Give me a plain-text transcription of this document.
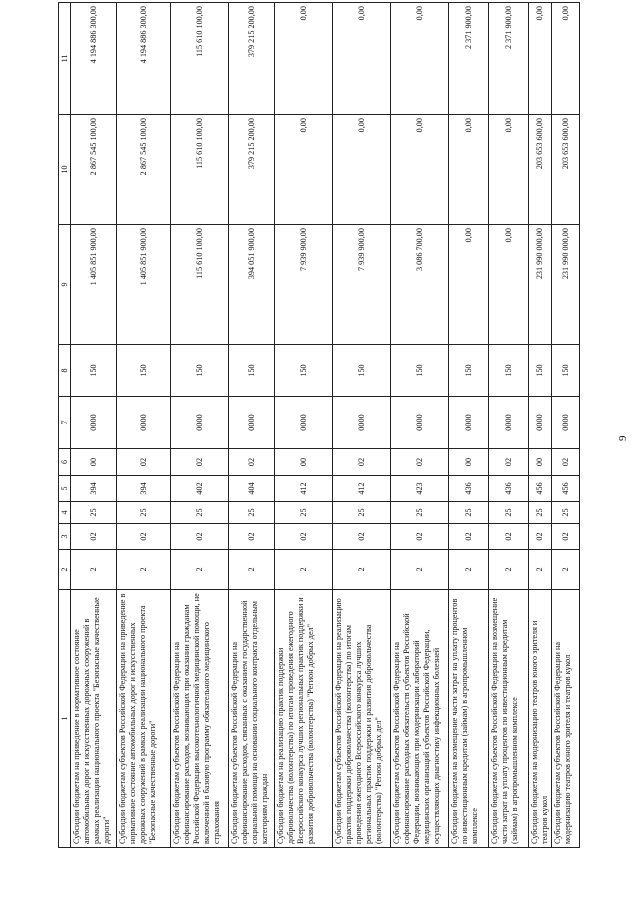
9
1	2	3	4	5	6	7	8	9	10	11
Субсидии бюджетам на приведение в нормативное состояние автомобильных дорог и искусственных дорожных сооружений в рамках реализации национального проекта "Безопасные качественные дороги"	2	02	25	394	00	0000	150	1 405 851 900,00	2 867 545 100,00	4 194 886 300,00
Субсидии бюджетам субъектов Российской Федерации на приведение в нормативное состояние автомобильных дорог и искусственных дорожных сооружений в рамках реализации национального проекта "Безопасные качественные дороги"	2	02	25	394	02	0000	150	1 405 851 900,00	2 867 545 100,00	4 194 886 300,00
Субсидии бюджетам субъектов Российской Федерации на софинансирование расходов, возникающих при оказании гражданам Российской Федерации высокотехнологичной медицинской помощи, не включенной в базовую программу обязательного медицинского страхования	2	02	25	402	02	0000	150	115 610 100,00	115 610 100,00	115 610 100,00
Субсидии бюджетам субъектов Российской Федерации на софинансирование расходов, связанных с оказанием государственной социальной помощи на основании социального контракта отдельным категориям граждан	2	02	25	404	02	0000	150	394 051 900,00	379 215 200,00	379 215 200,00
Субсидии бюджетам на реализацию практик поддержки добровольчества (волонтерства) по итогам проведения ежегодного Всероссийского конкурса лучших региональных практик поддержки и развития добровольчества (волонтерства) "Регион добрых дел"	2	02	25	412	00	0000	150	7 939 900,00	0,00	0,00
Субсидии бюджетам субъектов Российской Федерации на реализацию практик поддержки добровольчества (волонтерства) по итогам проведения ежегодного Всероссийского конкурса лучших региональных практик поддержки и развития добровольчества (волонтерства) "Регион добрых дел"	2	02	25	412	02	0000	150	7 939 900,00	0,00	0,00
Субсидии бюджетам субъектов Российской Федерации на софинансирование расходных обязательств субъектов Российской Федерации, возникающих при модернизации лабораторий медицинских организаций субъектов Российской Федерации, осуществляющих диагностику инфекционных болезней	2	02	25	423	02	0000	150	3 086 700,00	0,00	0,00
Субсидии бюджетам на возмещение части затрат на уплату процентов по инвестиционным кредитам (займам) в агропромышленном комплексе	2	02	25	436	00	0000	150	0,00	0,00	2 371 900,00
Субсидии бюджетам субъектов Российской Федерации на возмещение части затрат на уплату процентов по инвестиционным кредитам (займам) в агропромышленном комплексе	2	02	25	436	02	0000	150	0,00	0,00	2 371 900,00
Субсидии бюджетам на модернизацию театров юного зрителя и театров кукол	2	02	25	456	00	0000	150	231 990 000,00	203 653 600,00	0,00
Субсидии бюджетам субъектов Российской Федерации на модернизацию театров юного зрителя и театров кукол	2	02	25	456	02	0000	150	231 990 000,00	203 653 600,00	0,00
